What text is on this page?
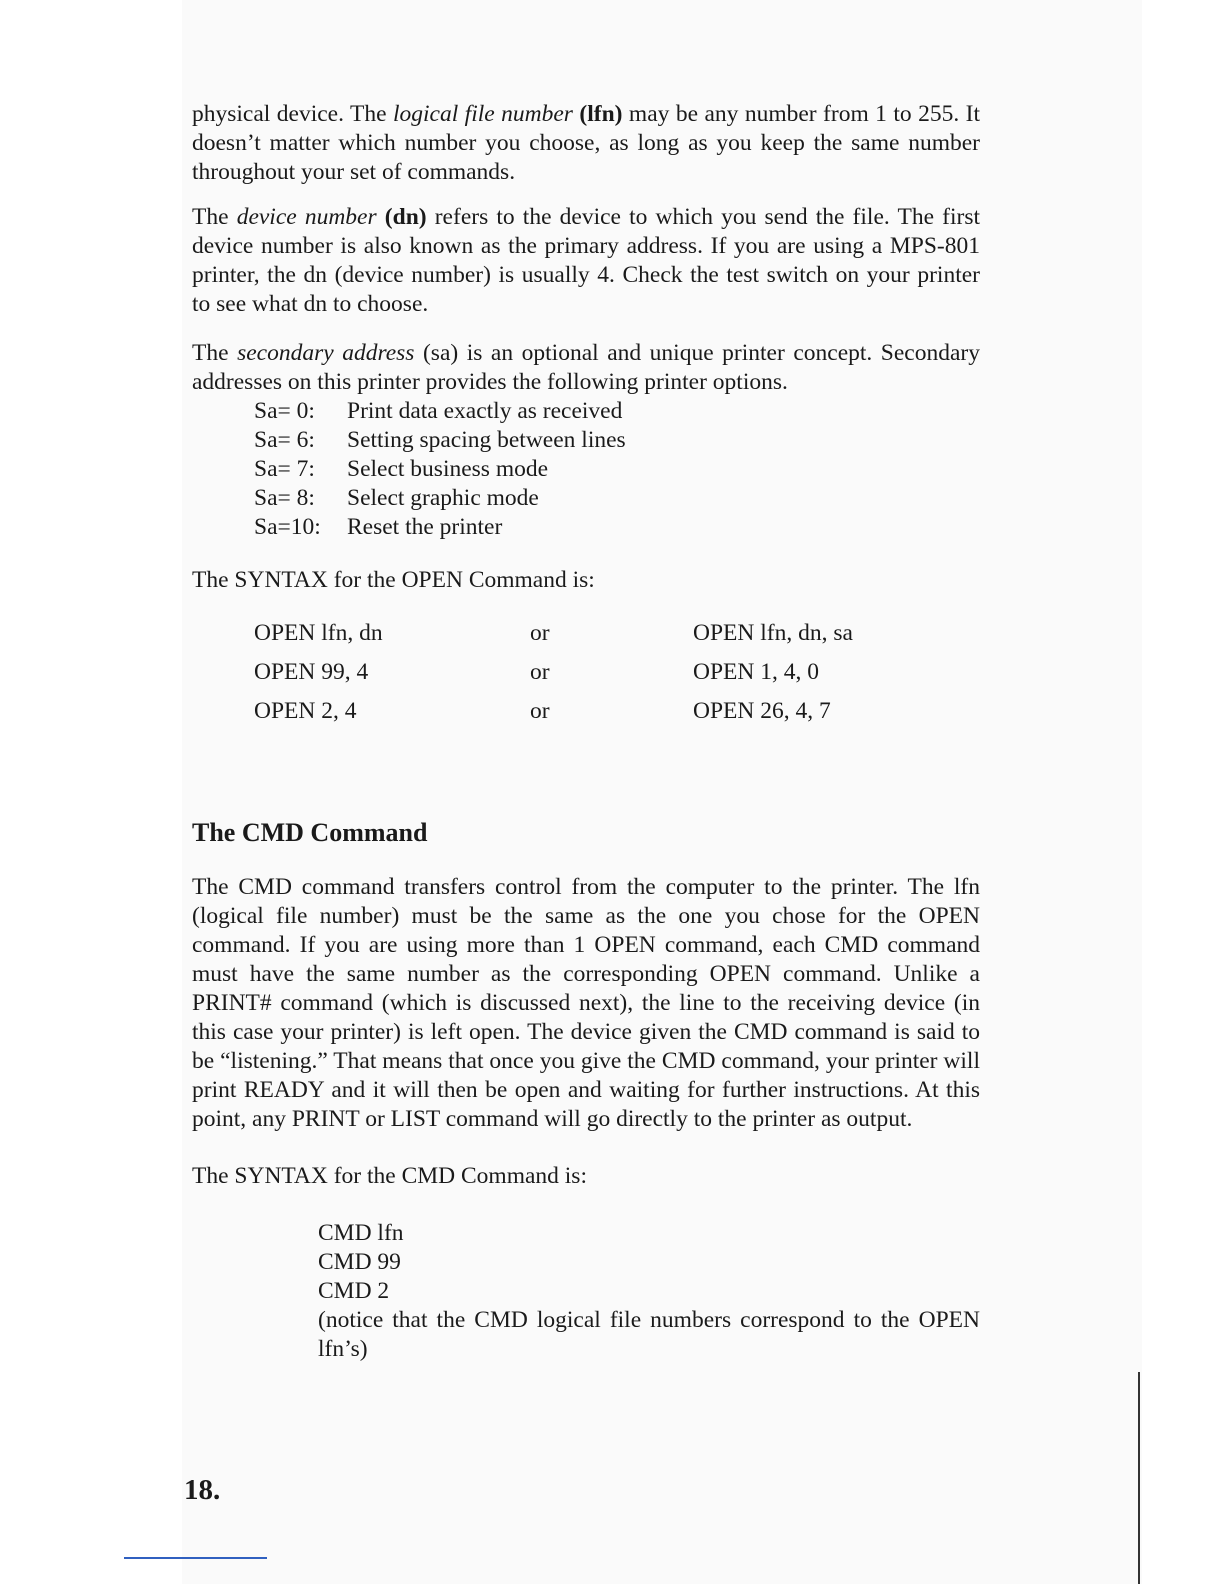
physical device. The logical file number (lfn) may be any number from 1 to 255. It doesn’t matter which number you choose, as long as you keep the same number throughout your set of commands.

The device number (dn) refers to the device to which you send the file. The first device number is also known as the primary address. If you are using a MPS-801 printer, the dn (device number) is usually 4. Check the test switch on your printer to see what dn to choose.

The secondary address (sa) is an optional and unique printer concept. Secondary addresses on this printer provides the following printer options.

Sa= 0:	Print data exactly as received
Sa= 6:	Setting spacing between lines
Sa= 7:	Select business mode
Sa= 8:	Select graphic mode
Sa=10:	Reset the printer

The SYNTAX for the OPEN Command is:

OPEN lfn, dn	or	OPEN lfn, dn, sa
OPEN 99, 4	or	OPEN 1, 4, 0
OPEN 2, 4	or	OPEN 26, 4, 7
The CMD Command

The CMD command transfers control from the computer to the printer. The lfn (logical file number) must be the same as the one you chose for the OPEN command. If you are using more than 1 OPEN command, each CMD command must have the same number as the corresponding OPEN command. Unlike a PRINT# command (which is discussed next), the line to the receiving device (in this case your printer) is left open. The device given the CMD command is said to be “listening.” That means that once you give the CMD command, your printer will print READY and it will then be open and waiting for further instructions. At this point, any PRINT or LIST command will go directly to the printer as output.

The SYNTAX for the CMD Command is:

CMD lfn
CMD 99
CMD 2

(notice that the CMD logical file numbers correspond to the OPEN lfn’s)

18.
